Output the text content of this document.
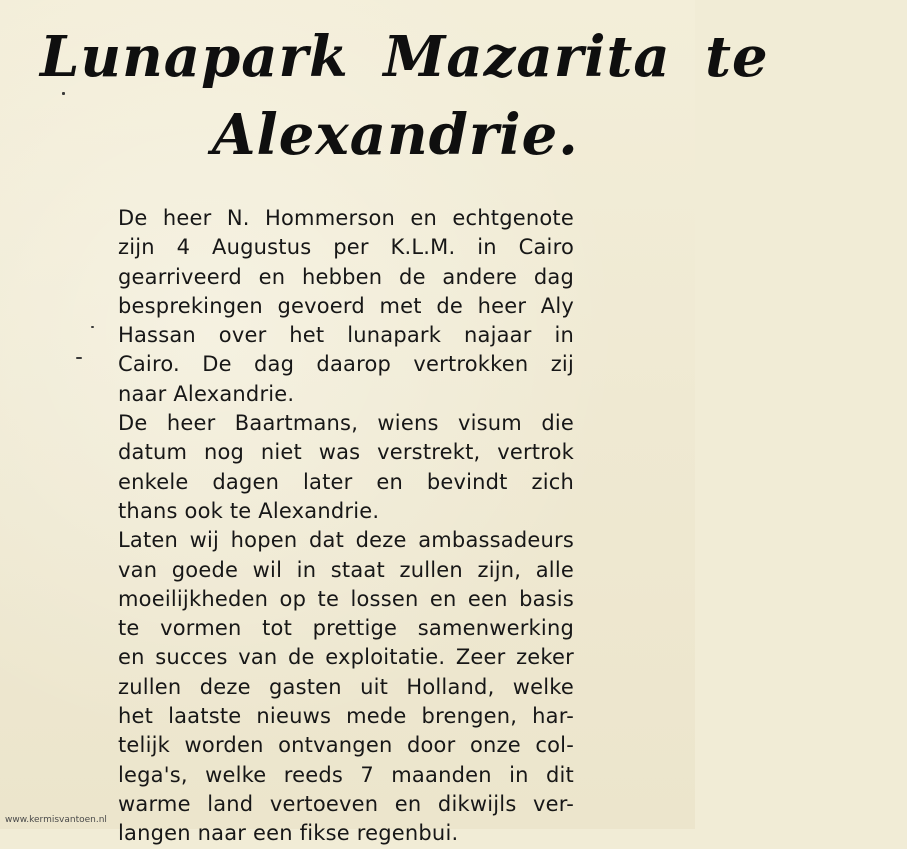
Lunapark Mazarita te
Alexandrie.
De heer N. Hommerson en echtgenote
zijn 4 Augustus per K.L.M. in Cairo
gearriveerd en hebben de andere dag
besprekingen gevoerd met de heer Aly
Hassan over het lunapark najaar in
Cairo. De dag daarop vertrokken zij
naar Alexandrie.
De heer Baartmans, wiens visum die
datum nog niet was verstrekt, vertrok
enkele dagen later en bevindt zich
thans ook te Alexandrie.
Laten wij hopen dat deze ambassadeurs
van goede wil in staat zullen zijn, alle
moeilijkheden op te lossen en een basis
te vormen tot prettige samenwerking
en succes van de exploitatie. Zeer zeker
zullen deze gasten uit Holland, welke
het laatste nieuws mede brengen, har-
telijk worden ontvangen door onze col-
lega's, welke reeds 7 maanden in dit
warme land vertoeven en dikwijls ver-
langen naar een fikse regenbui.
www.kermisvantoen.nl
